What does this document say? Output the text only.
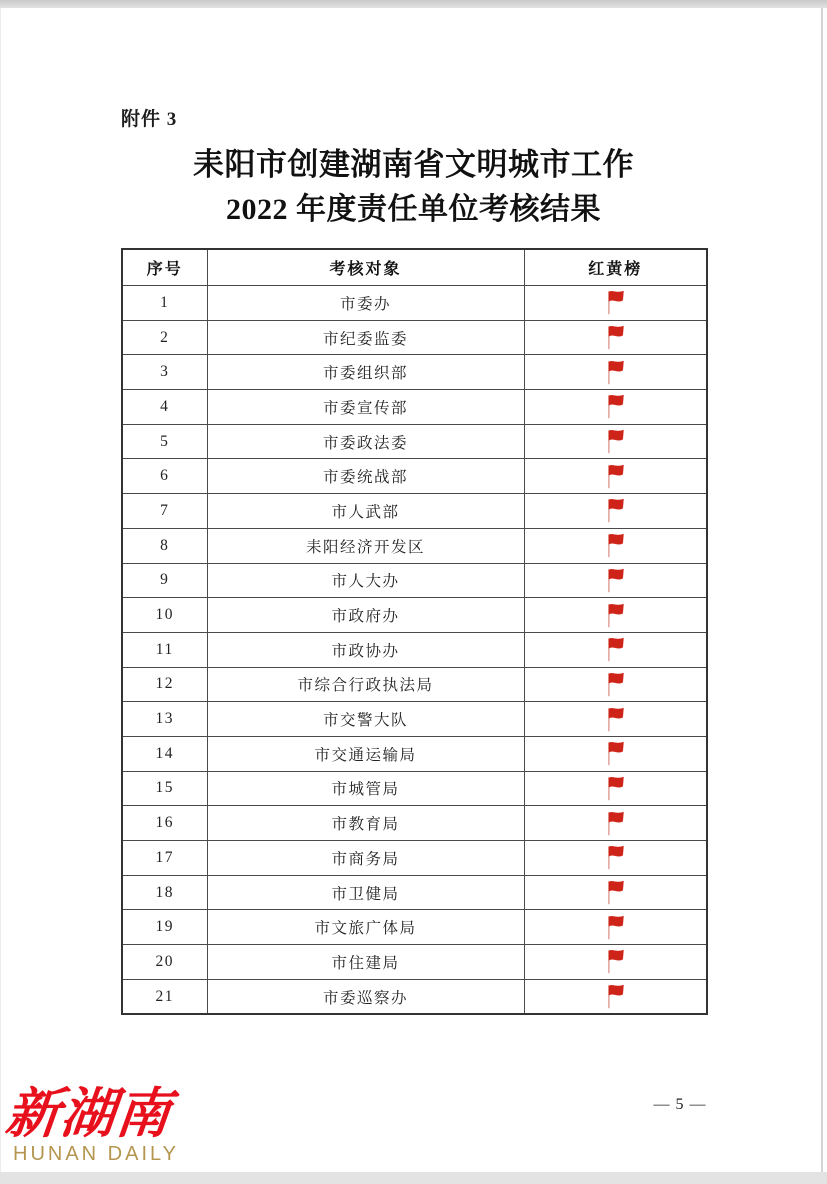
附件 3
耒阳市创建湖南省文明城市工作
2022 年度责任单位考核结果
序号	考核对象	红黄榜
1	市委办	

2	市纪委监委	

3	市委组织部	

4	市委宣传部	

5	市委政法委	

6	市委统战部	

7	市人武部	

8	耒阳经济开发区	

9	市人大办	

10	市政府办	

11	市政协办	

12	市综合行政执法局	

13	市交警大队	

14	市交通运输局	

15	市城管局	

16	市教育局	

17	市商务局	

18	市卫健局	

19	市文旅广体局	

20	市住建局	

21	市委巡察办	
— 5 —
新湖南
HUNAN DAILY
